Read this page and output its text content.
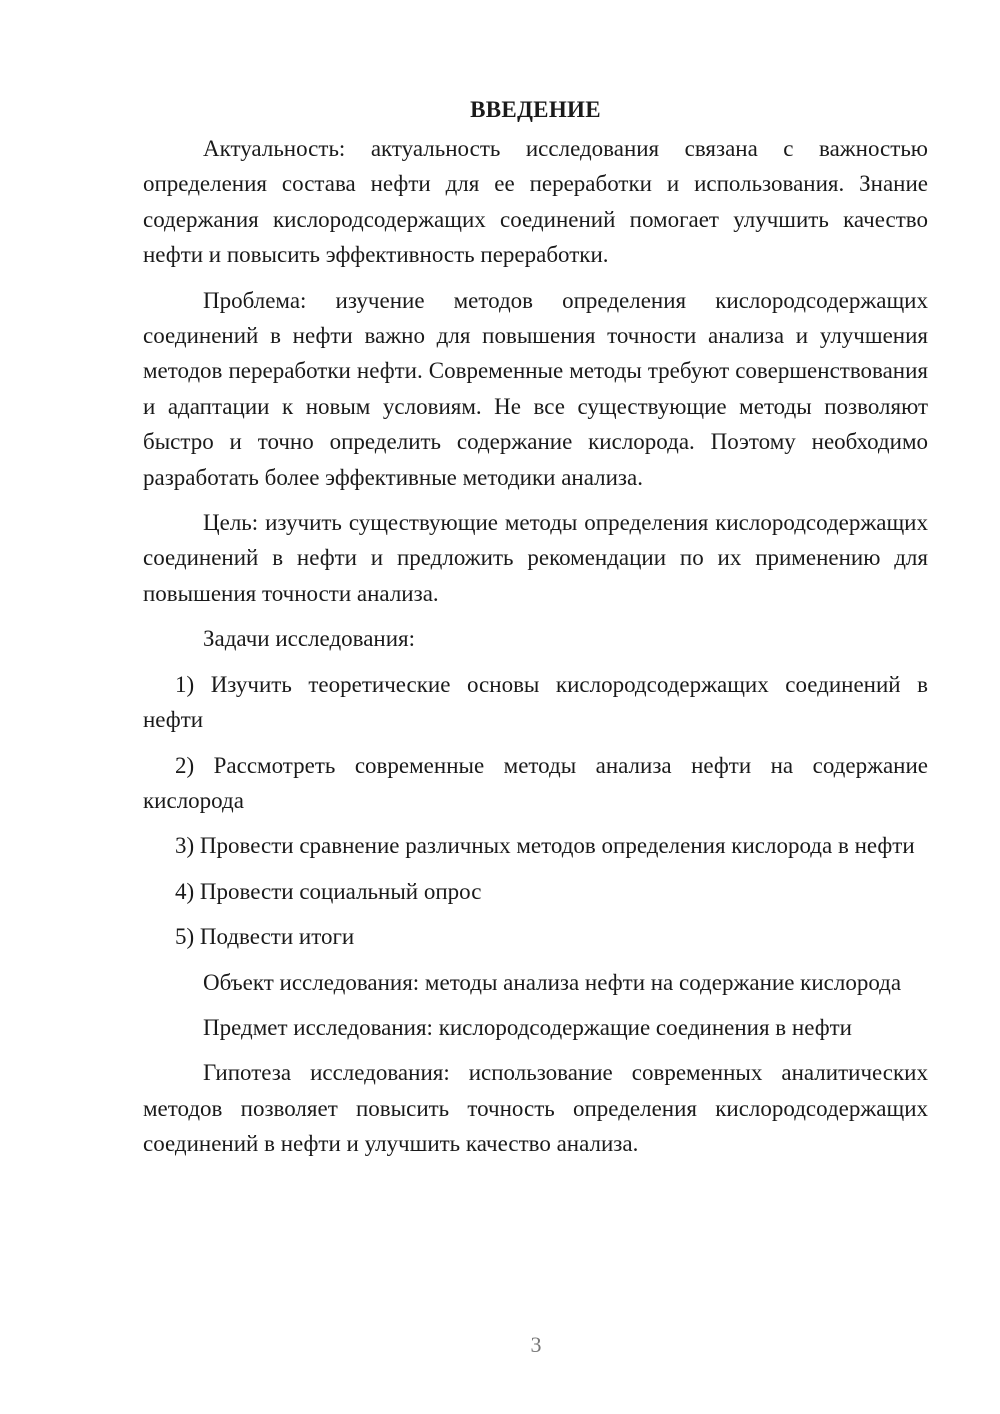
ВВЕДЕНИЕ

Актуальность: актуальность исследования связана с важностью определения состава нефти для ее переработки и использования. Знание содержания кислородсодержащих соединений помогает улучшить качество нефти и повысить эффективность переработки.

Проблема: изучение методов определения кислородсодержащих соединений в нефти важно для повышения точности анализа и улучшения методов переработки нефти. Современные методы требуют совершенствования и адаптации к новым условиям. Не все существующие методы позволяют быстро и точно определить содержание кислорода. Поэтому необходимо разработать более эффективные методики анализа.

Цель: изучить существующие методы определения кислородсодержащих соединений в нефти и предложить рекомендации по их применению для повышения точности анализа.

Задачи исследования:

1) Изучить теоретические основы кислородсодержащих соединений в нефти

2) Рассмотреть современные методы анализа нефти на содержание кислорода

3) Провести сравнение различных методов определения кислорода в нефти

4) Провести социальный опрос

5) Подвести итоги

Объект исследования: методы анализа нефти на содержание кислорода

Предмет исследования: кислородсодержащие соединения в нефти

Гипотеза исследования: использование современных аналитических методов позволяет повысить точность определения кислородсодержащих соединений в нефти и улучшить качество анализа.

3
